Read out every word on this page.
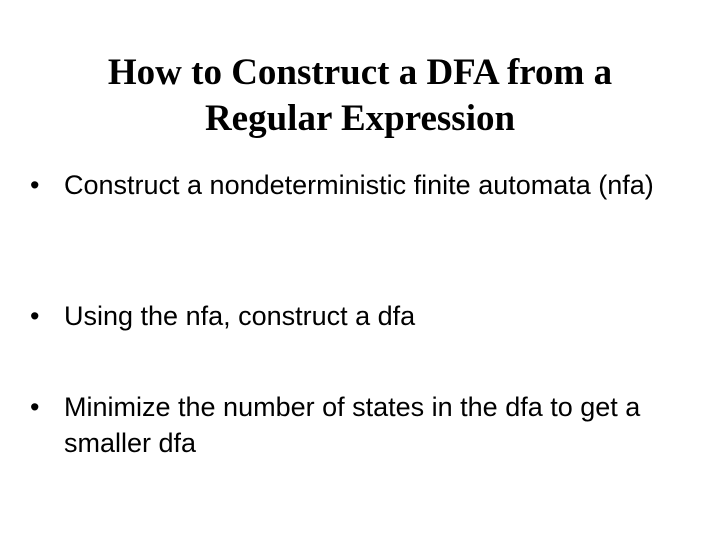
How to Construct a DFA from a
Regular Expression
• Construct a nondeterministic finite automata (nfa)
• Using the nfa, construct a dfa
• Minimize the number of states in the dfa to get a smaller dfa
